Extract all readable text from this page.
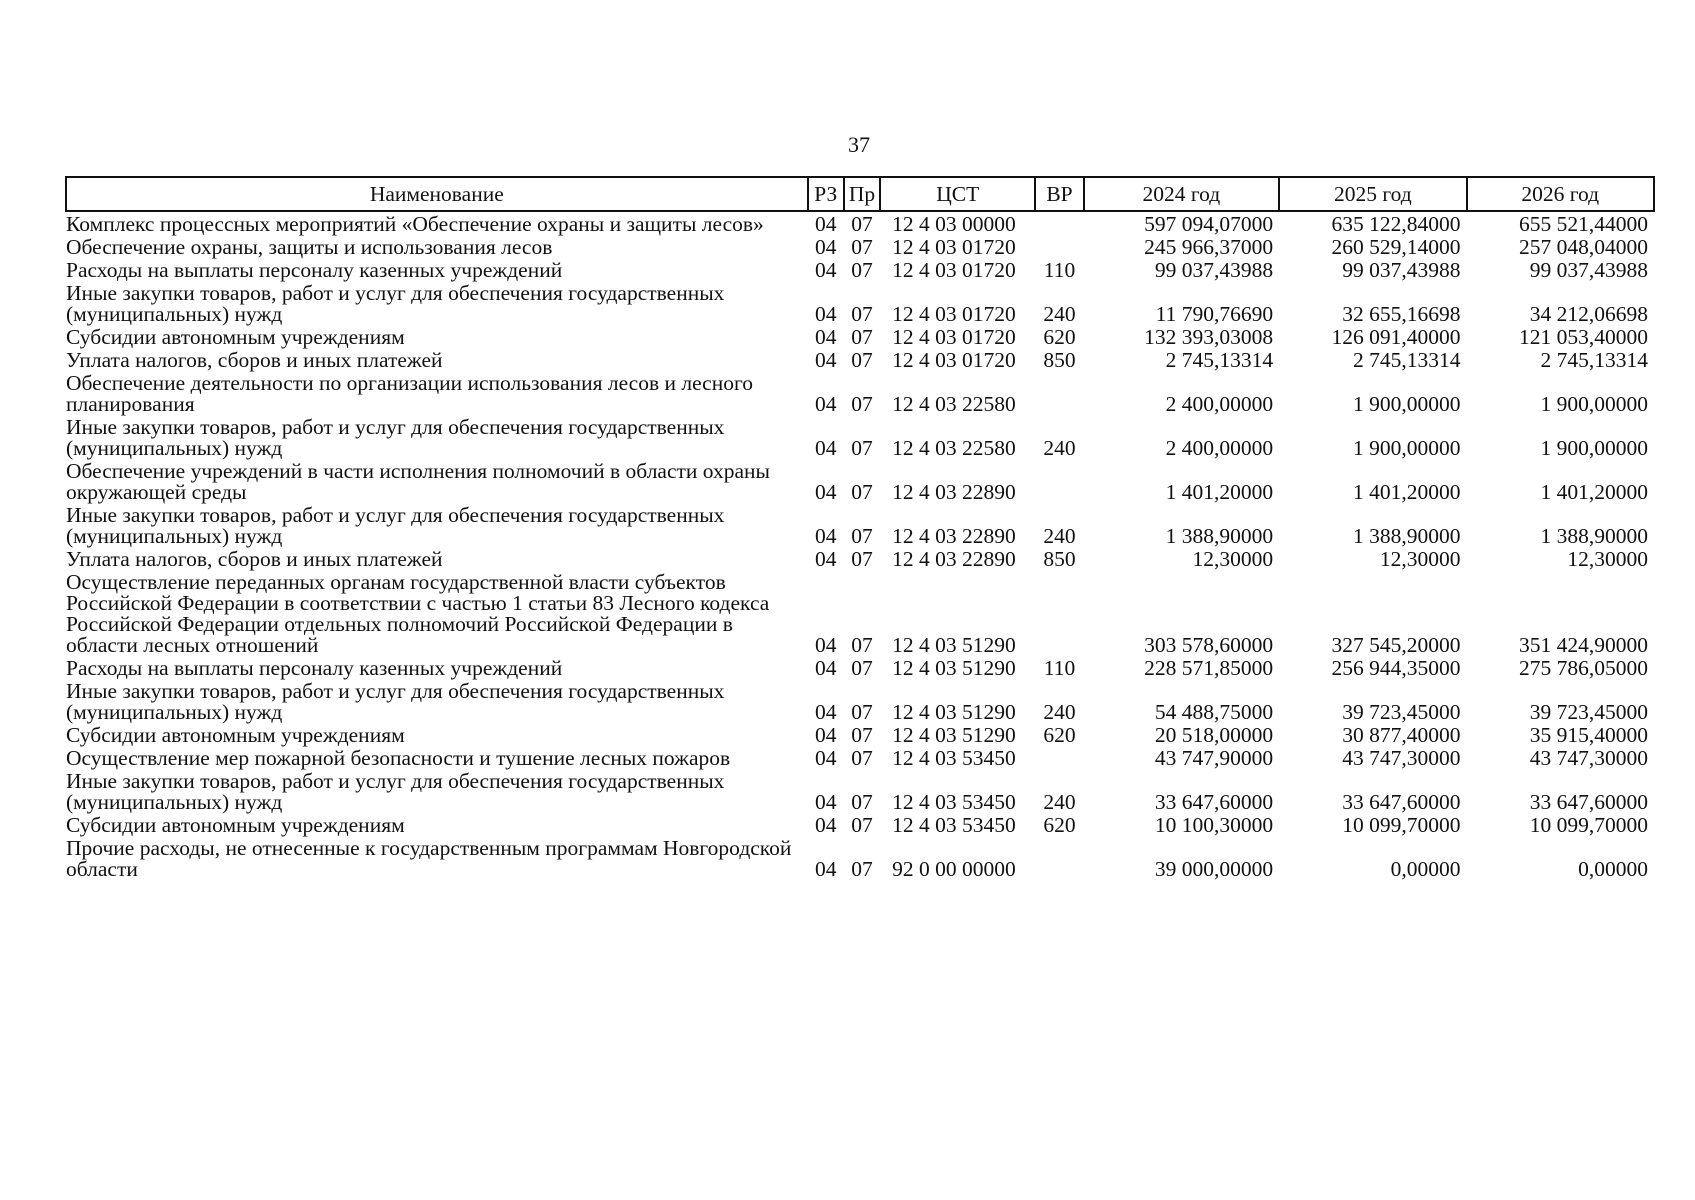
37
Наименование	РЗ	Пр	ЦСТ	ВР	2024 год	2025 год	2026 год
Комплекс процессных мероприятий «Обеспечение охраны и защиты лесов»	04	07	12 4 03 00000		597 094,07000	635 122,84000	655 521,44000
Обеспечение охраны, защиты и использования лесов	04	07	12 4 03 01720		245 966,37000	260 529,14000	257 048,04000
Расходы на выплаты персоналу казенных учреждений	04	07	12 4 03 01720	110	99 037,43988	99 037,43988	99 037,43988
Иные закупки товаров, работ и услуг для обеспечения государственных (муниципальных) нужд	04	07	12 4 03 01720	240	11 790,76690	32 655,16698	34 212,06698
Субсидии автономным учреждениям	04	07	12 4 03 01720	620	132 393,03008	126 091,40000	121 053,40000
Уплата налогов, сборов и иных платежей	04	07	12 4 03 01720	850	2 745,13314	2 745,13314	2 745,13314
Обеспечение деятельности по организации использования лесов и лесного планирования	04	07	12 4 03 22580		2 400,00000	1 900,00000	1 900,00000
Иные закупки товаров, работ и услуг для обеспечения государственных (муниципальных) нужд	04	07	12 4 03 22580	240	2 400,00000	1 900,00000	1 900,00000
Обеспечение учреждений в части исполнения полномочий в области охраны окружающей среды	04	07	12 4 03 22890		1 401,20000	1 401,20000	1 401,20000
Иные закупки товаров, работ и услуг для обеспечения государственных (муниципальных) нужд	04	07	12 4 03 22890	240	1 388,90000	1 388,90000	1 388,90000
Уплата налогов, сборов и иных платежей	04	07	12 4 03 22890	850	12,30000	12,30000	12,30000
Осуществление переданных органам государственной власти субъектов Российской Федерации в соответствии с частью 1 статьи 83 Лесного кодекса Российской Федерации отдельных полномочий Российской Федерации в области лесных отношений	04	07	12 4 03 51290		303 578,60000	327 545,20000	351 424,90000
Расходы на выплаты персоналу казенных учреждений	04	07	12 4 03 51290	110	228 571,85000	256 944,35000	275 786,05000
Иные закупки товаров, работ и услуг для обеспечения государственных (муниципальных) нужд	04	07	12 4 03 51290	240	54 488,75000	39 723,45000	39 723,45000
Субсидии автономным учреждениям	04	07	12 4 03 51290	620	20 518,00000	30 877,40000	35 915,40000
Осуществление мер пожарной безопасности и тушение лесных пожаров	04	07	12 4 03 53450		43 747,90000	43 747,30000	43 747,30000
Иные закупки товаров, работ и услуг для обеспечения государственных (муниципальных) нужд	04	07	12 4 03 53450	240	33 647,60000	33 647,60000	33 647,60000
Субсидии автономным учреждениям	04	07	12 4 03 53450	620	10 100,30000	10 099,70000	10 099,70000
Прочие расходы, не отнесенные к государственным программам Новгородской области	04	07	92 0 00 00000		39 000,00000	0,00000	0,00000
